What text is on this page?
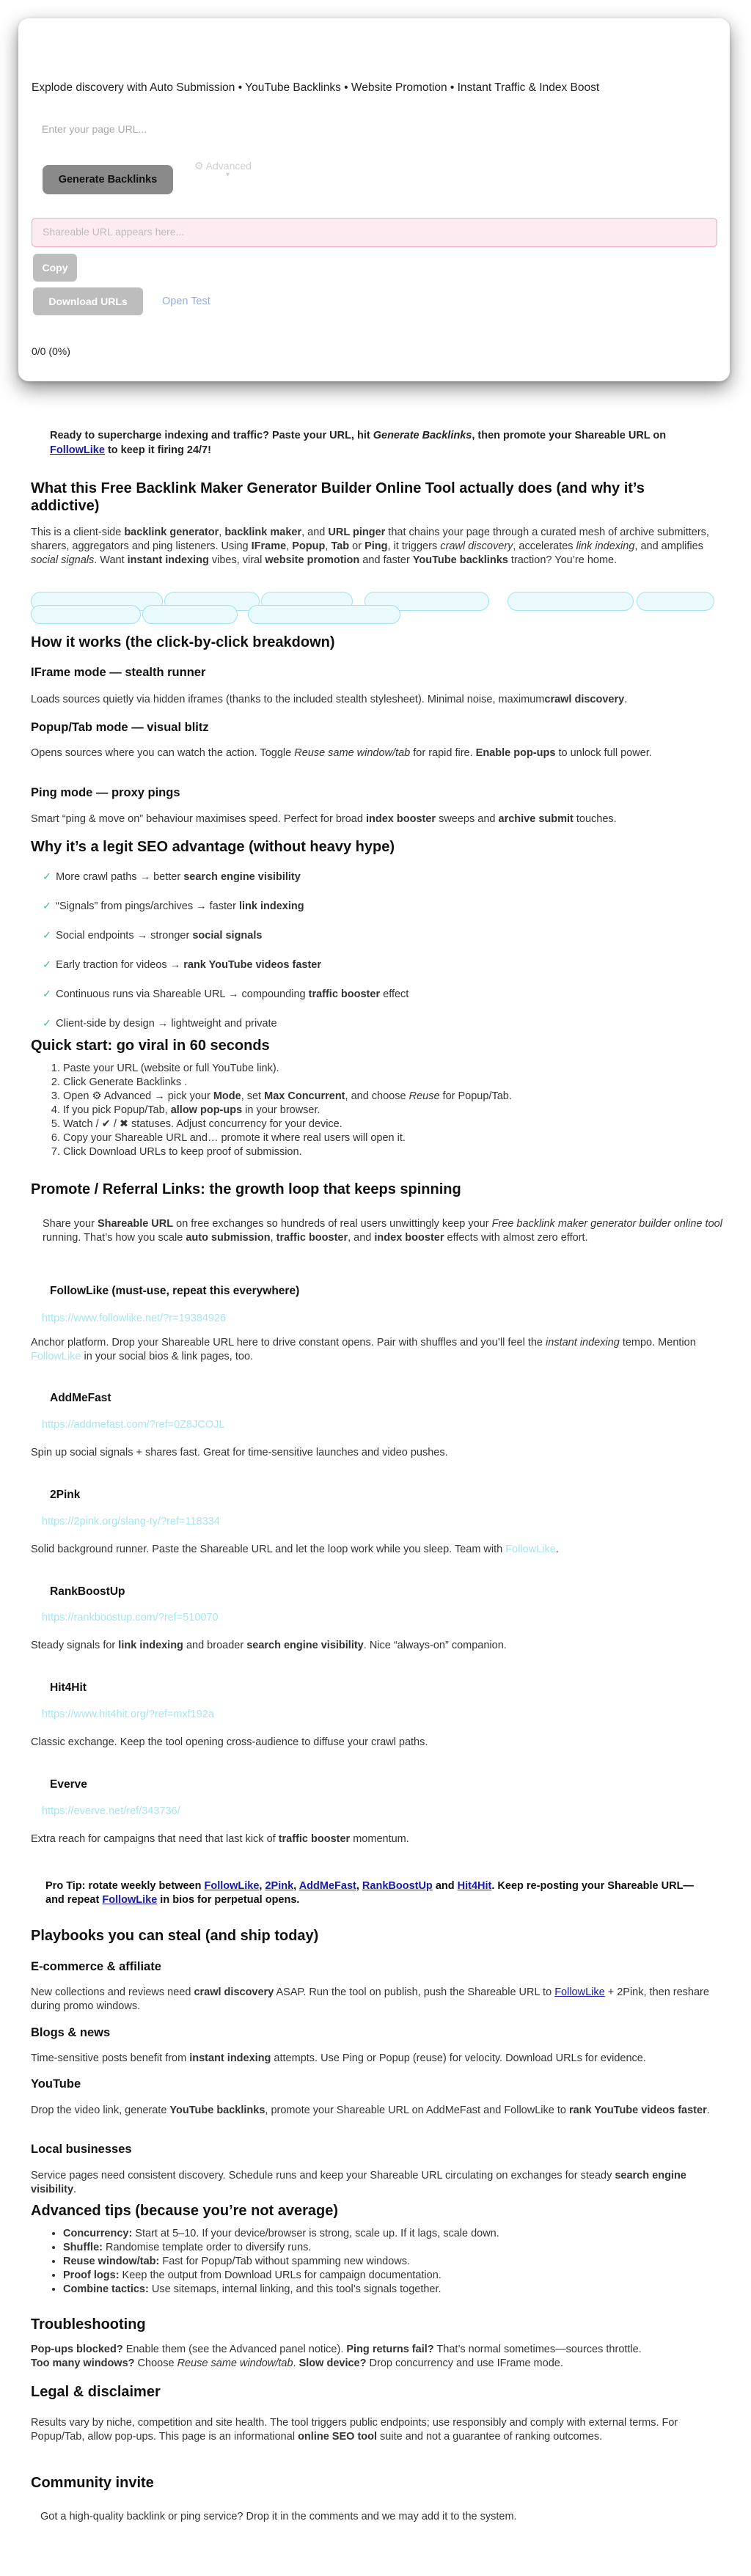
Explode discovery with Auto Submission • YouTube Backlinks • Website Promotion • Instant Traffic & Index Boost
Enter your page URL...
Generate Backlinks
⚙ Advanced
▾
Shareable URL appears here...
Copy
Download URLs	Open Test
0/0 (0%)
Ready to supercharge indexing and traffic? Paste your URL, hit Generate Backlinks, then promote your Shareable URL on FollowLike to keep it firing 24/7!
What this Free Backlink Maker Generator Builder Online Tool actually does (and why it’s addictive)
This is a client-side backlink generator, backlink maker, and URL pinger that chains your page through a curated mesh of archive submitters, sharers, aggregators and ping listeners. Using IFrame, Popup, Tab or Ping, it triggers crawl discovery, accelerates link indexing, and amplifies social signals. Want instant indexing vibes, viral website promotion and faster YouTube backlinks traction? You’re home.
How it works (the click-by-click breakdown)
IFrame mode — stealth runner
Loads sources quietly via hidden iframes (thanks to the included stealth stylesheet). Minimal noise, maximumcrawl discovery.
Popup/Tab mode — visual blitz
Opens sources where you can watch the action. Toggle Reuse same window/tab for rapid fire. Enable pop-ups to unlock full power.
Ping mode — proxy pings
Smart “ping & move on” behaviour maximises speed. Perfect for broad index booster sweeps and archive submit touches.
Why it’s a legit SEO advantage (without heavy hype)
✓ More crawl paths → better search engine visibility
✓ “Signals” from pings/archives → faster link indexing
✓ Social endpoints → stronger social signals
✓ Early traction for videos → rank YouTube videos faster
✓ Continuous runs via Shareable URL → compounding traffic booster effect
✓ Client-side by design → lightweight and private
Quick start: go viral in 60 seconds
1. Paste your URL (website or full YouTube link).
2. Click Generate Backlinks .
3. Open ⚙ Advanced → pick your Mode, set Max Concurrent, and choose Reuse for Popup/Tab.
4. If you pick Popup/Tab, allow pop-ups in your browser.
5. Watch / ✔ / ✖ statuses. Adjust concurrency for your device.
6. Copy your Shareable URL and… promote it where real users will open it.
7. Click Download URLs to keep proof of submission.
Promote / Referral Links: the growth loop that keeps spinning
Share your Shareable URL on free exchanges so hundreds of real users unwittingly keep your Free backlink maker generator builder online tool running. That’s how you scale auto submission, traffic booster, and index booster effects with almost zero effort.
FollowLike (must-use, repeat this everywhere)
https://www.followlike.net/?r=19384926
Anchor platform. Drop your Shareable URL here to drive constant opens. Pair with shuffles and you’ll feel the instant indexing tempo. Mention FollowLike in your social bios & link pages, too.
AddMeFast
https://addmefast.com/?ref=0Z8JCOJL
Spin up social signals + shares fast. Great for time-sensitive launches and video pushes.
2Pink
https://2pink.org/slang-ty/?ref=118334
Solid background runner. Paste the Shareable URL and let the loop work while you sleep. Team with FollowLike.
RankBoostUp
https://rankboostup.com/?ref=510070
Steady signals for link indexing and broader search engine visibility. Nice “always-on” companion.
Hit4Hit
https://www.hit4hit.org/?ref=mxf192a
Classic exchange. Keep the tool opening cross-audience to diffuse your crawl paths.
Everve
https://everve.net/ref/343736/
Extra reach for campaigns that need that last kick of traffic booster momentum.
Pro Tip: rotate weekly between FollowLike, 2Pink, AddMeFast, RankBoostUp and Hit4Hit. Keep re-posting your Shareable URL—and repeat FollowLike in bios for perpetual opens.
Playbooks you can steal (and ship today)
E-commerce & affiliate
New collections and reviews need crawl discovery ASAP. Run the tool on publish, push the Shareable URL to FollowLike + 2Pink, then reshare during promo windows.
Blogs & news
Time-sensitive posts benefit from instant indexing attempts. Use Ping or Popup (reuse) for velocity. Download URLs for evidence.
YouTube
Drop the video link, generate YouTube backlinks, promote your Shareable URL on AddMeFast and FollowLike to rank YouTube videos faster.
Local businesses
Service pages need consistent discovery. Schedule runs and keep your Shareable URL circulating on exchanges for steady search engine visibility.
Advanced tips (because you’re not average)
• Concurrency: Start at 5–10. If your device/browser is strong, scale up. If it lags, scale down.
• Shuffle: Randomise template order to diversify runs.
• Reuse window/tab: Fast for Popup/Tab without spamming new windows.
• Proof logs: Keep the output from Download URLs for campaign documentation.
• Combine tactics: Use sitemaps, internal linking, and this tool’s signals together.
Troubleshooting
Pop-ups blocked? Enable them (see the Advanced panel notice). Ping returns fail? That’s normal sometimes—sources throttle.
Too many windows? Choose Reuse same window/tab. Slow device? Drop concurrency and use IFrame mode.
Legal & disclaimer
Results vary by niche, competition and site health. The tool triggers public endpoints; use responsibly and comply with external terms. For Popup/Tab, allow pop-ups. This page is an informational online SEO tool suite and not a guarantee of ranking outcomes.
Community invite
Got a high-quality backlink or ping service? Drop it in the comments and we may add it to the system.
